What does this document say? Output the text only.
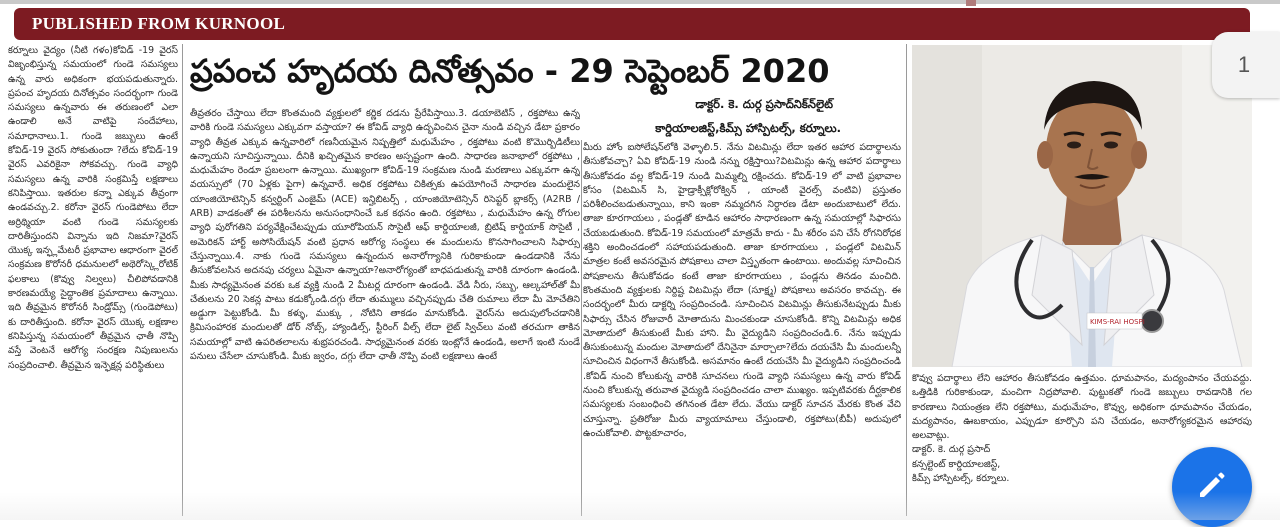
PUBLISHED FROM KURNOOL

కర్నూలు వైద్యం (నీటి గళం)కోవిడ్ -19 వైరస్ విజృంభిస్తున్న సమయంలో గుండె సమస్యలు ఉన్న వారు అధికంగా భయపడుతున్నారు. ప్రపంచ హృదయ దినోత్సవం సందర్భంగా గుండె సమస్యలు ఉన్నవారు ఈ తరుణంలో ఎలా ఉండాలి అనే వాటిపై సందేహాలు, సమాధానాలు.1. గుండె జబ్బులు ఉంటే కోవిడ్-19 వైరస్ సోకుతుందా ?లేదు కోవిడ్-19 వైరస్ ఎవరికైనా సోకవచ్చు. గుండె వ్యాధి సమస్యలు ఉన్న వారికి సంక్రమిస్తే లక్షణాలు కనిపిస్తాయి. ఇతరుల కన్నా ఎక్కువ తీవ్రంగా ఉండవచ్చు.2. కరోనా వైరస్ గుండెపోటు లేదా అర్రిథ్మియా వంటి గుండె సమస్యలకు దారితీస్తుందని విన్నాను ఇది నిజమా?వైరస్ యొక్క ఇన్ఫ్లమేటరీ ప్రభావాల ఆధారంగా వైరల్ సంక్రమణ కొరోనరీ ధమనులలో అథెరోస్క్లెరోటిక్ ఫలకాలు (కొవ్వు నిల్వలు) చీలిపోవడానికి కారణమయ్యే సైద్ధాంతిక ప్రమాదాలు ఉన్నాయి. ఇది తీవ్రమైన కొరోనరీ సిండ్రోమ్స్ (గుండెపోటు) కు దారితీస్తుంది. కరోనా వైరస్ యొక్క లక్షణాల కనిపిస్తున్న సమయంలో తీవ్రమైన ఛాతీ నొప్పి వస్తే వెంటనే ఆరోగ్య సంరక్షణ నిపుణులను సంప్రదించాలి. తీవ్రమైన ఇన్ఫెక్షన్ల పరిస్థితులు

ప్రపంచ హృదయ దినోత్సవం - 29 సెప్టెంబర్ 2020
డాక్టర్. కె. దుర్గ ప్రసాద్‌నిక్‌న్‌లైట్
కార్డియాలజిస్ట్,కిమ్స్ హాస్పిటల్స్, కర్నూలు.

తీవ్రతరం చేస్తాయి లేదా కొంతమంది వ్యక్తులలో కర్ణిక దడను ప్రేరేపిస్తాయి.3. డయాబెటిస్ , రక్తపోటు ఉన్న వారికి గుండె సమస్యలు ఎక్కువగా వస్తాయా? ఈ కోవిడ్ వ్యాధి ఉద్భవించిన చైనా నుండి వచ్చిన డేటా ప్రకారం వ్యాధి తీవ్రత ఎక్కువ ఉన్నవారిలో గణనీయమైన నిష్పత్తిలో మధుమేహం , రక్తపోటు వంటి కొమొర్బిడిటీలు ఉన్నాయని సూచిస్తున్నాయి. దీనికి ఖచ్చితమైన కారణం అస్పష్టంగా ఉంది. సాధారణ జనాభాలో రక్తపోటు , మధుమేహం రెండూ ప్రబలంగా ఉన్నాయి. ముఖ్యంగా కోవిడ్-19 సంక్రమణ నుండి మరణాలు ఎక్కువగా ఉన్న వయస్సులో (70 ఏళ్లకు పైగా) ఉన్నవారే. అధిక రక్తపోటు చికిత్సకు ఉపయోగించే సాధారణ మందులైన యాంజియోటెన్సిన్ కన్వర్టింగ్ ఎంజైమ్ (ACE) ఇన్హిబిటర్స్ , యాంజియోటెన్సిన్ రిసెప్టర్ బ్లాకర్స్ (A2RB / ARB) వాడకంతో ఈ పరిశీలనను అనుసంధానించే ఒక కథనం ఉంది. రక్తపోటు , మధుమేహం ఉన్న రోగుల వ్యాధి పురోగతిని పర్యవేక్షించేటప్పుడు యూరోపియన్ సొసైటీ ఆఫ్ కార్డియాలజీ, బ్రిటిష్ కార్డియాక్ సొసైటీ , అమెరికన్ హార్ట్ అసోసియేషన్ వంటి ప్రధాన ఆరోగ్య సంస్థలు ఈ మందులను కొనసాగించాలని సిఫార్సు చేస్తున్నాయి.4. నాకు గుండె సమస్యలు ఉన్నందున అనారోగ్యానికి గురికాకుండా ఉండడానికి నేను తీసుకోవలసిన అదనపు చర్యలు ఏమైనా ఉన్నాయా?అనారోగ్యంతో బాధపడుతున్న వారికి దూరంగా ఉండండి. మీకు సాధ్యమైనంత వరకు ఒక వ్యక్తి నుండి 2 మీటర్ల దూరంగా ఉండండి. వేడి నీరు, సబ్బు, ఆల్కహాల్‌తో మీ చేతులను 20 సెకన్ల పాటు కడుక్కోండి.దగ్గు లేదా తుమ్ములు వచ్చినప్పుడు చేతి రుమాలు లేదా మీ మోచేతిని అడ్డుగా పెట్టుకోండి. మీ కళ్ళు, ముక్కు , నోటిని తాకడం మానుకోండి. వైరస్‌ను అదుపులోంచడానికి క్రిమిసంహారక మందులతో డోర్ నోబ్స్, హ్యాండిల్స్, స్టీరింగ్ వీల్స్ లేదా లైట్ స్విచ్‌లు వంటి తరచుగా తాకిన సమయాల్లో వాటి ఉపరితలాలను శుభ్రపరచండి. సాధ్యమైనంత వరకు ఇంట్లోనే ఉండండి, అలాగే ఇంటి నుండే పనులు చేసేలా చూసుకోండి. మీకు జ్వరం, దగ్గు లేదా ఛాతీ నొప్పి వంటి లక్షణాలు ఉంటే

మీరు హోం ఐసోలేషన్‌లోకి వెళ్ళాలి.5. నేను విటమిన్లు లేదా ఇతర ఆహార పదార్థాలను తీసుకోవచ్చా? ఏవి కోవిడ్-19 నుండి నన్ను రక్షిస్తాయి?విటమిన్లు ఉన్న ఆహార పదార్థాలు తీసుకోవడం వల్ల కోవిడ్-19 నుండి మిమ్మల్ని రక్షించదు. కోవిడ్-19 లో వాటి ప్రభావాల కోసం (విటమిన్ సి, హైడ్రాక్సీక్లోరోక్విన్ , యాంటీ వైరల్స్ వంటివి) ప్రస్తుతం పరిశీలించబడుతున్నాయి, కాని ఇంకా నమ్మదగిన నిర్ధారణ డేటా అందుబాటులో లేదు. తాజా కూరగాయలు , పండ్లతో కూడిన ఆహారం సాధారణంగా ఉన్న సమయాల్లో సిఫారసు చేయబడుతుంది. కోవిడ్-19 సమయంలో మాత్రమే కాదు - మీ శరీరం పని చేసే రోగనిరోధక శక్తిని అందించడంలో సహాయపడుతుంది. తాజా కూరగాయలు , పండ్లలో విటమిన్ మాత్రల కంటే అవసరమైన పోషకాలు చాలా విస్తృతంగా ఉంటాయి. అందువల్ల సూచించిన పోషకాలను తీసుకోవడం కంటే తాజా కూరగాయలు , పండ్లను తినడం మంచిది. కొంతమంది వ్యక్తులకు నిర్దిష్ట విటమిన్లు లేదా (సూక్ష్మ) పోషకాలు అవసరం కావచ్చు. ఈ సందర్భంలో మీరు డాక్టర్ని సంప్రదించండి. సూచించిన విటమిన్లు తీసుకునేటప్పుడు మీకు సిఫార్సు చేసిన రోజువారీ మోతాదును మించకుండా చూసుకోండి. కొన్ని విటమిన్లు అధిక మోతాదులో తీసుకుంటే మీకు హాని. మీ వైద్యుడిని సంప్రదించండి.6. నేను ఇప్పుడు తీసుకుంటున్న మందుల మోతాదులో దేనినైనా మార్చాలా?లేదు దయచేసి మీ మందులన్నీ సూచించిన విధంగానే తీసుకోండి. అసమానం ఉంటే దయచేసి మీ వైద్యుడిని సంప్రదించండి .కోవిడ్ నుంచి కోలుకున్న వారికి సూచనలు గుండె వ్యాధి సమస్యలు ఉన్న వారు కోవిడ్ నుంచి కోలుకున్న తరువాత వైద్యుడి సంప్రదించడం చాలా ముఖ్యం. ఇప్పటివరకు దీర్ఘకాలిక సమస్యలకు సంబంధించి తగినంత డేటా లేదు. వేయు డాక్టర్ సూచన మేరకు కొంత వేచి చూస్తున్నా. ప్రతిరోజు మీరు వ్యాయామాలు చేస్తుండాలి, రక్తపోటు(బీపీ) అదుపులో ఉంచుకోవాలి. పొట్టకూచారం,

KIMS-RAI HOSPI

కొవ్వు పదార్థాలు లేని ఆహారం తీసుకోవడం ఉత్తమం. ధూమపానం, మద్యంపానం చేయవద్దు. ఒత్తిడికి గురికాకుండా, మంచిగా నిద్రపోవాలి. పుట్టుకతో గుండె జబ్బులు రావడానికి గల కారణాలు నియంత్రణ లేని రక్తపోటు, మధుమేహం, కొవ్వు, అధికంగా ధూమపానం చేయడం, మద్యపానం, ఊబకాయం, ఎప్పుడూ కూర్చొని పని చేయడం, అనారోగ్యకరమైన ఆహారపు అలవాట్లు.

డాక్టర్. కె. దుర్గ ప్రసాద్

కన్సల్టెంట్ కార్డియాలజిస్ట్,

కిమ్స్ హాస్పిటల్స్, కర్నూలు.

1
